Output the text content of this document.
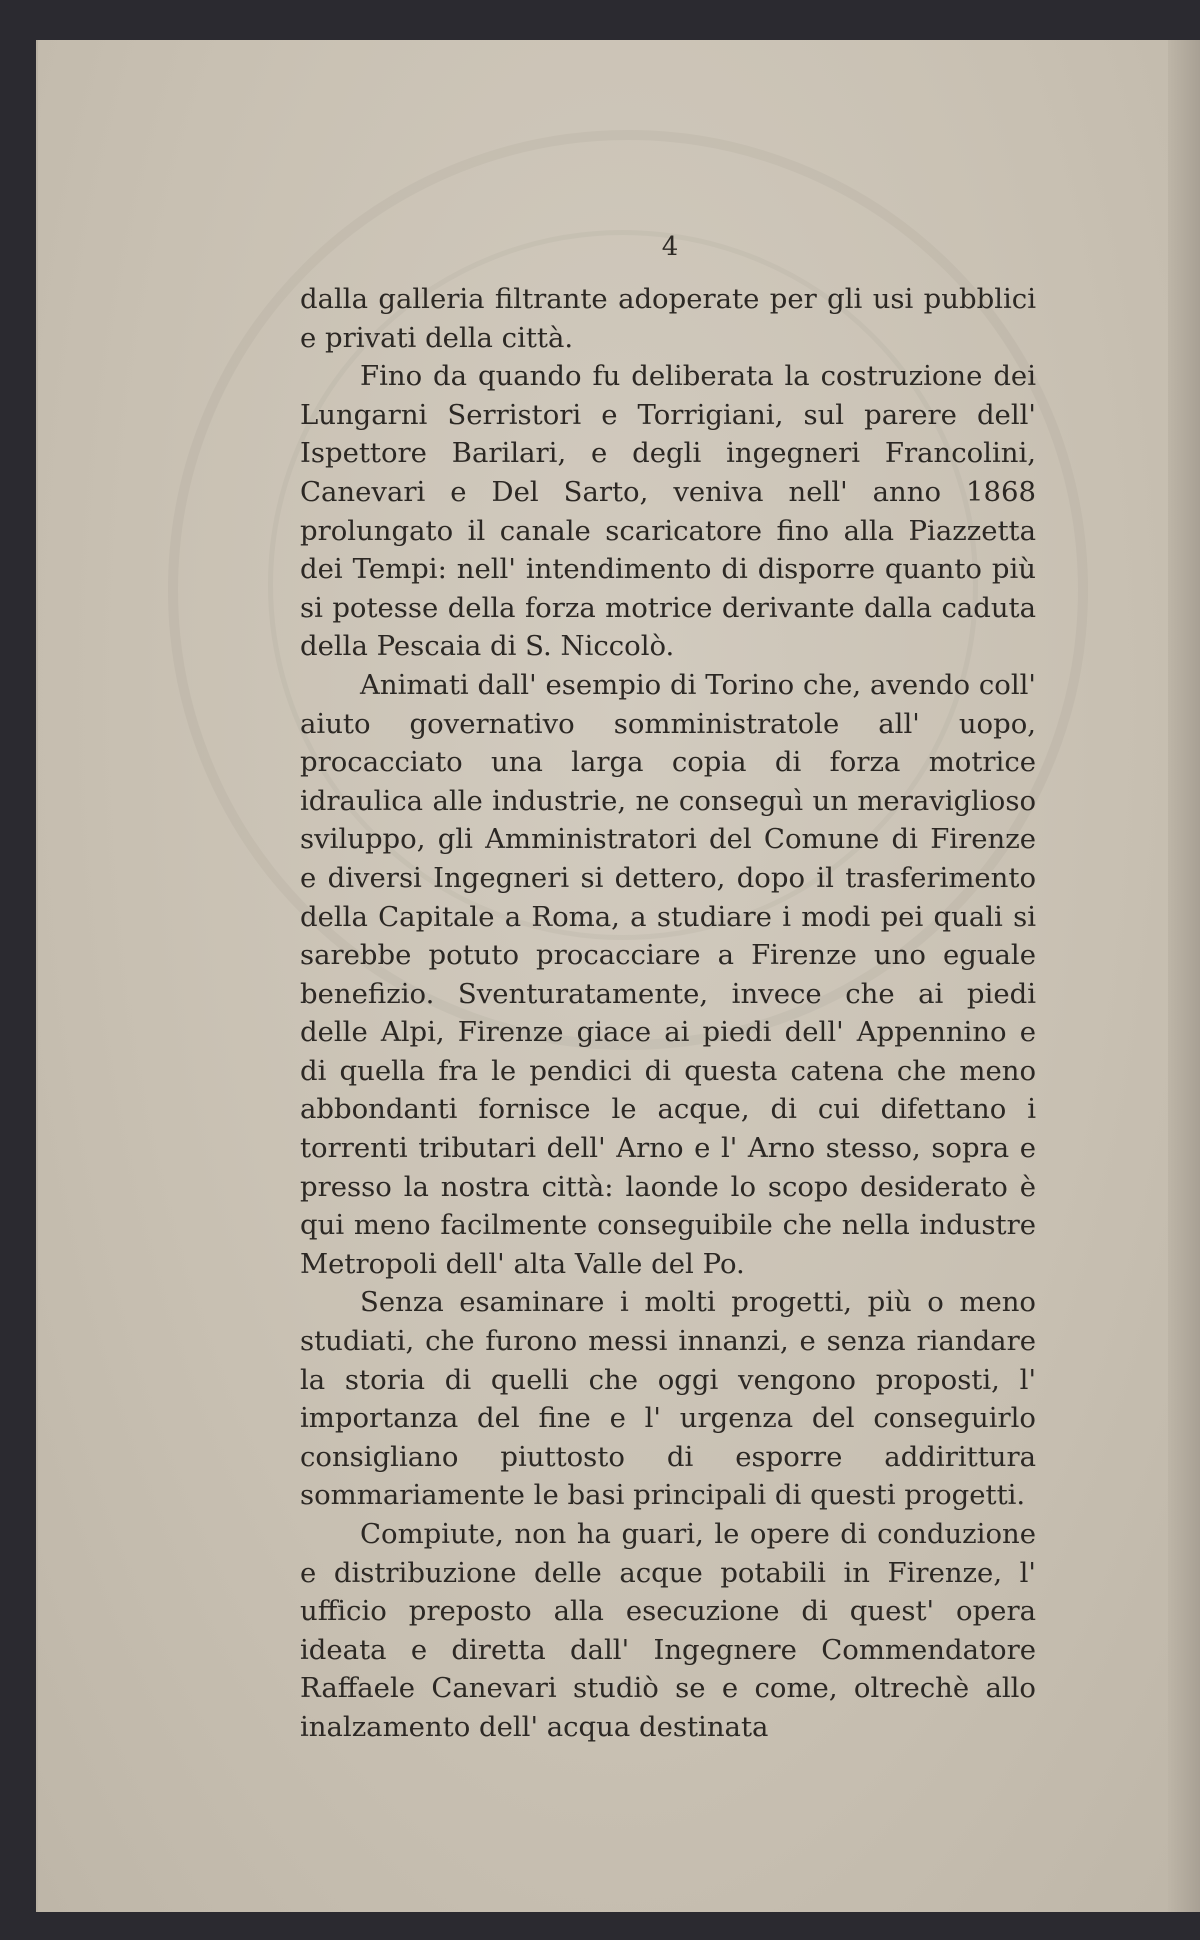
4

dalla galleria filtrante adoperate per gli usi pubblici e privati della città.

Fino da quando fu deliberata la costruzione dei Lungarni Serristori e Torrigiani, sul parere dell' Ispettore Barilari, e degli ingegneri Francolini, Canevari e Del Sarto, veniva nell' anno 1868 prolungato il canale scaricatore fino alla Piazzetta dei Tempi: nell' intendimento di disporre quanto più si potesse della forza motrice derivante dalla caduta della Pescaia di S. Niccolò.

Animati dall' esempio di Torino che, avendo coll' aiuto governativo somministratole all' uopo, procacciato una larga copia di forza motrice idraulica alle industrie, ne conseguì un meraviglioso sviluppo, gli Amministratori del Comune di Firenze e diversi Ingegneri si dettero, dopo il trasferimento della Capitale a Roma, a studiare i modi pei quali si sarebbe potuto procacciare a Firenze uno eguale benefizio. Sventuratamente, invece che ai piedi delle Alpi, Firenze giace ai piedi dell' Appennino e di quella fra le pendici di questa catena che meno abbondanti fornisce le acque, di cui difettano i torrenti tributari dell' Arno e l' Arno stesso, sopra e presso la nostra città: laonde lo scopo desiderato è qui meno facilmente conseguibile che nella industre Metropoli dell' alta Valle del Po.

Senza esaminare i molti progetti, più o meno studiati, che furono messi innanzi, e senza riandare la storia di quelli che oggi vengono proposti, l' importanza del fine e l' urgenza del conseguirlo consigliano piuttosto di esporre addirittura sommariamente le basi principali di questi progetti.

Compiute, non ha guari, le opere di conduzione e distribuzione delle acque potabili in Firenze, l' ufficio preposto alla esecuzione di quest' opera ideata e diretta dall' Ingegnere Commendatore Raffaele Canevari studiò se e come, oltrechè allo inalzamento dell' acqua destinata
